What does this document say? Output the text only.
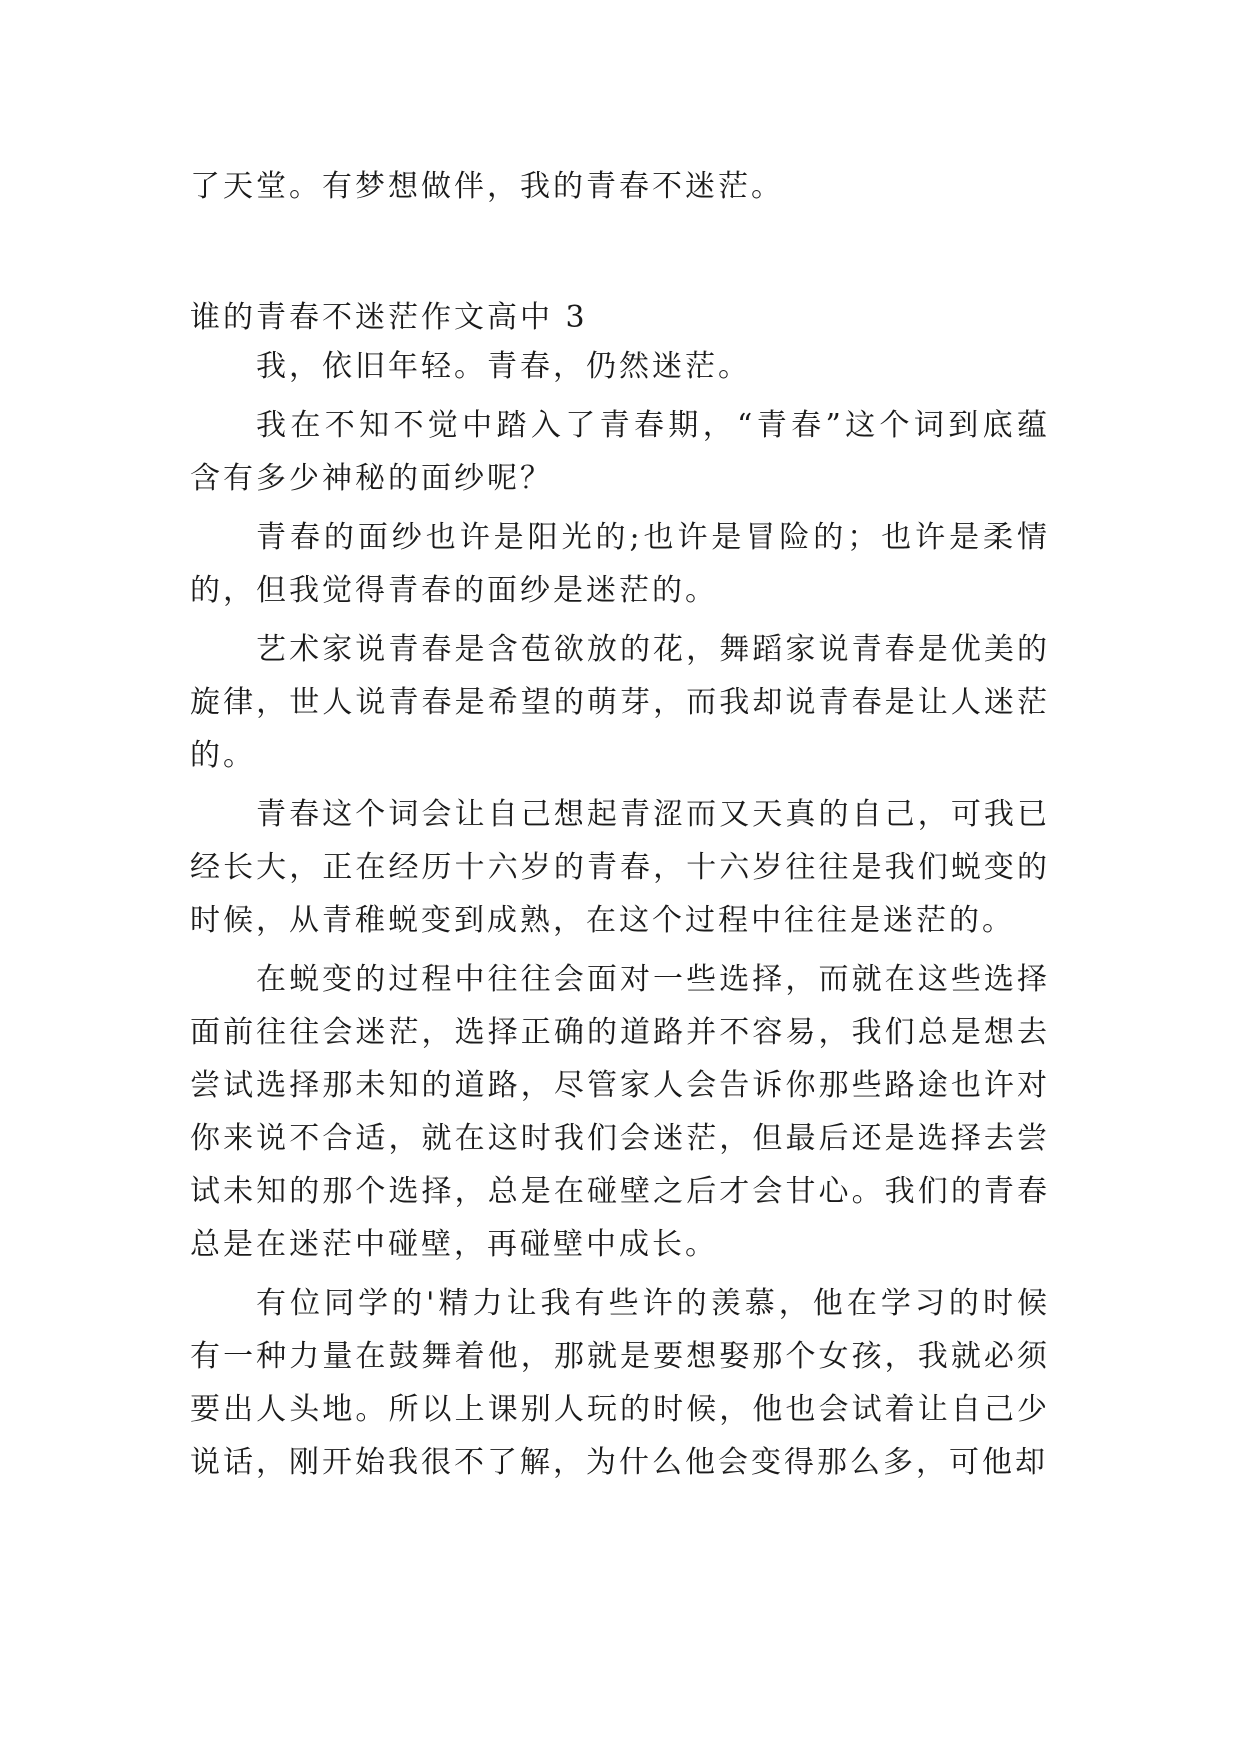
了天堂。有梦想做伴，我的青春不迷茫。

谁的青春不迷茫作文高中 3

我，依旧年轻。青春，仍然迷茫。

我在不知不觉中踏入了青春期，“青春”这个词到底蕴含有多少神秘的面纱呢？

青春的面纱也许是阳光的;也许是冒险的；也许是柔情的，但我觉得青春的面纱是迷茫的。

艺术家说青春是含苞欲放的花，舞蹈家说青春是优美的旋律，世人说青春是希望的萌芽，而我却说青春是让人迷茫的。

青春这个词会让自己想起青涩而又天真的自己，可我已经长大，正在经历十六岁的青春，十六岁往往是我们蜕变的时候，从青稚蜕变到成熟，在这个过程中往往是迷茫的。

在蜕变的过程中往往会面对一些选择，而就在这些选择面前往往会迷茫，选择正确的道路并不容易，我们总是想去尝试选择那未知的道路，尽管家人会告诉你那些路途也许对你来说不合适，就在这时我们会迷茫，但最后还是选择去尝试未知的那个选择，总是在碰壁之后才会甘心。我们的青春总是在迷茫中碰壁，再碰壁中成长。

有位同学的'精力让我有些许的羡慕，他在学习的时候有一种力量在鼓舞着他，那就是要想娶那个女孩，我就必须要出人头地。所以上课别人玩的时候，他也会试着让自己少说话，刚开始我很不了解，为什么他会变得那么多，可他却
